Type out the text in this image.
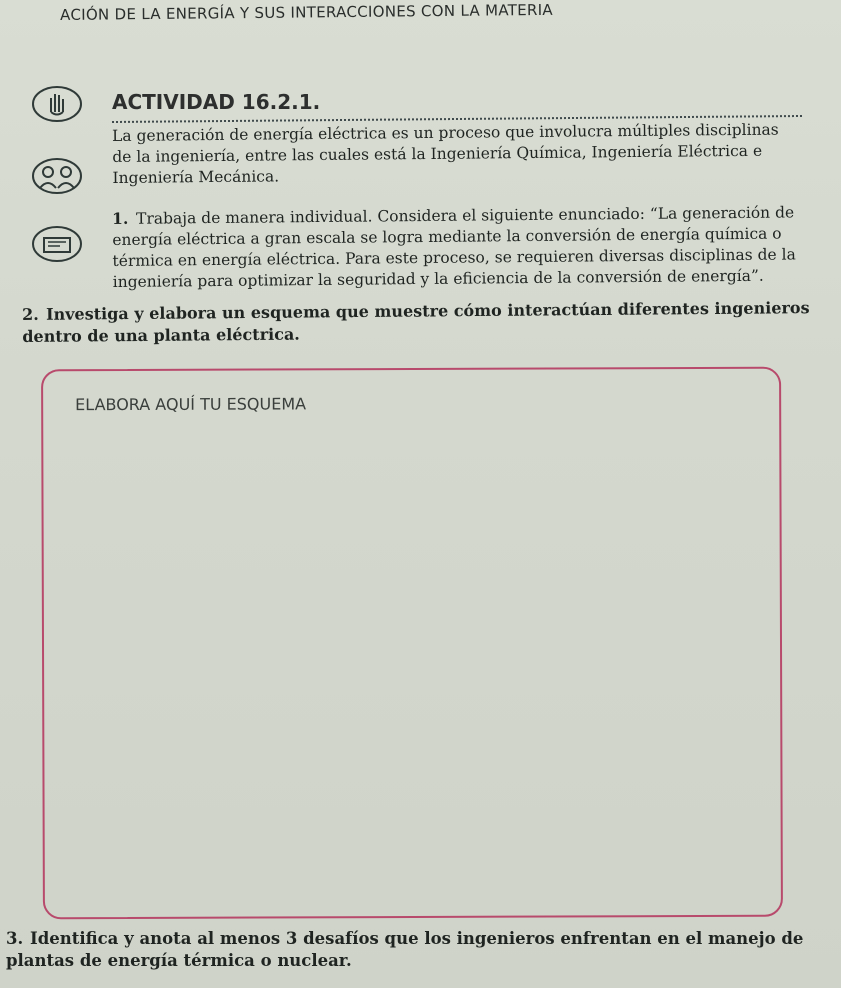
ACIÓN DE LA ENERGÍA Y SUS INTERACCIONES CON LA MATERIA
ACTIVIDAD 16.2.1.
La generación de energía eléctrica es un proceso que involucra múltiples disciplinas de la ingeniería, entre las cuales está la Ingeniería Química, Ingeniería Eléctrica e Ingeniería Mecánica.
1. Trabaja de manera individual. Considera el siguiente enunciado: “La generación de energía eléctrica a gran escala se logra mediante la conversión de energía química o térmica en energía eléctrica. Para este proceso, se requieren diversas disciplinas de la ingeniería para optimizar la seguridad y la eficiencia de la conversión de energía”.
2. Investiga y elabora un esquema que muestre cómo interactúan diferentes ingenieros dentro de una planta eléctrica.
ELABORA AQUÍ TU ESQUEMA
3. Identifica y anota al menos 3 desafíos que los ingenieros enfrentan en el manejo de plantas de energía térmica o nuclear.
